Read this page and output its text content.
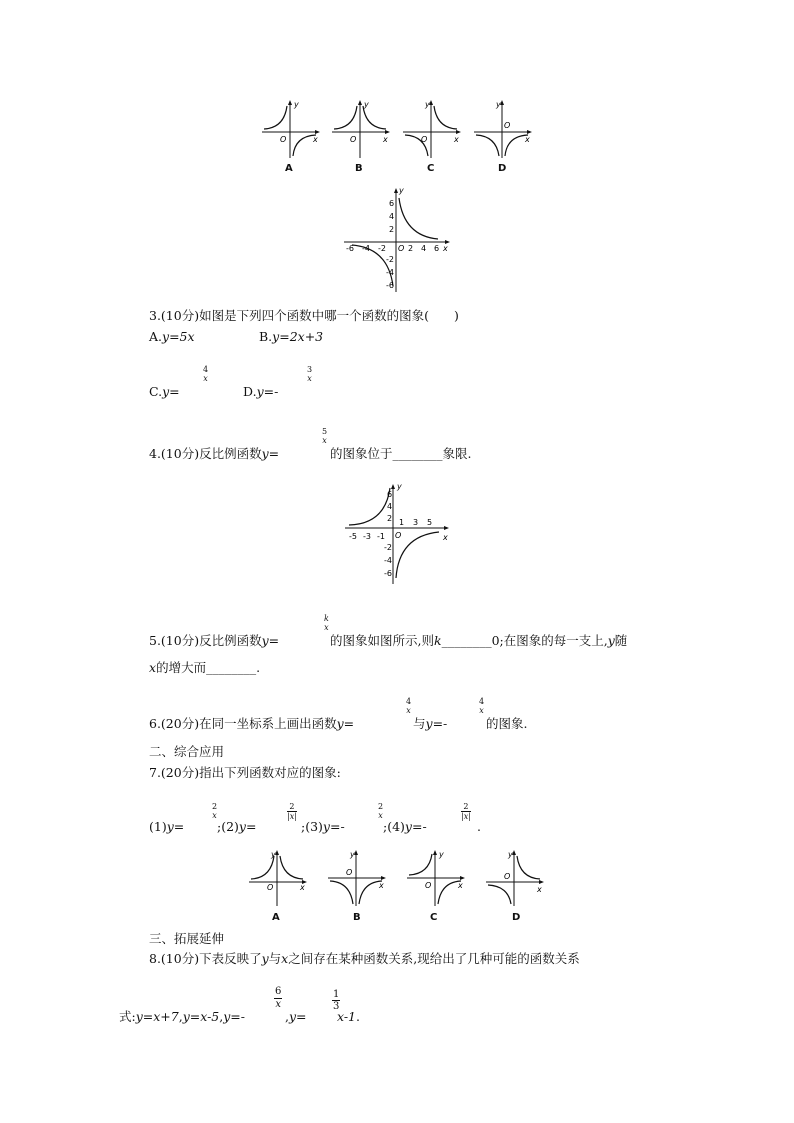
y
O	x
y
O	x
y
O	x
y
O
x
A	B	C	D
y
x
O
-6 -4 -2	2 4 6
6
4
2
-2
-4
-6
3.(10分)如图是下列四个函数中哪一个函数的图象(　　)
A.y=5x	B.y=2x+3
C.y=
4
x
D.y=-
3
x
4.(10分)反比例函数y=
5
x
的图象位于________象限.
y
x
O
-5 -3 -1
1 3 5
6
4
2
-2
-4
-6
5.(10分)反比例函数y=
k
x
的图象如图所示,则k________0;在图象的每一支上,y随
x的增大而________.
6.(20分)在同一坐标系上画出函数y=
4
x
与y=-
4
x
的图象.
二、综合应用
7.(20分)指出下列函数对应的图象:
(1)y=
2
x
;(2)y=
2
|x|
;(3)y=-
2
x
;(4)y=-
2
|x|
.
y
O	x
y
O
x
y
O	x
y
O
x
A	B	C	D
三、拓展延伸
8.(10分)下表反映了y与x之间存在某种函数关系,现给出了几种可能的函数关系
式:y=x+7,y=x-5,y=-
6
x
,y=
1
3
x-1.
